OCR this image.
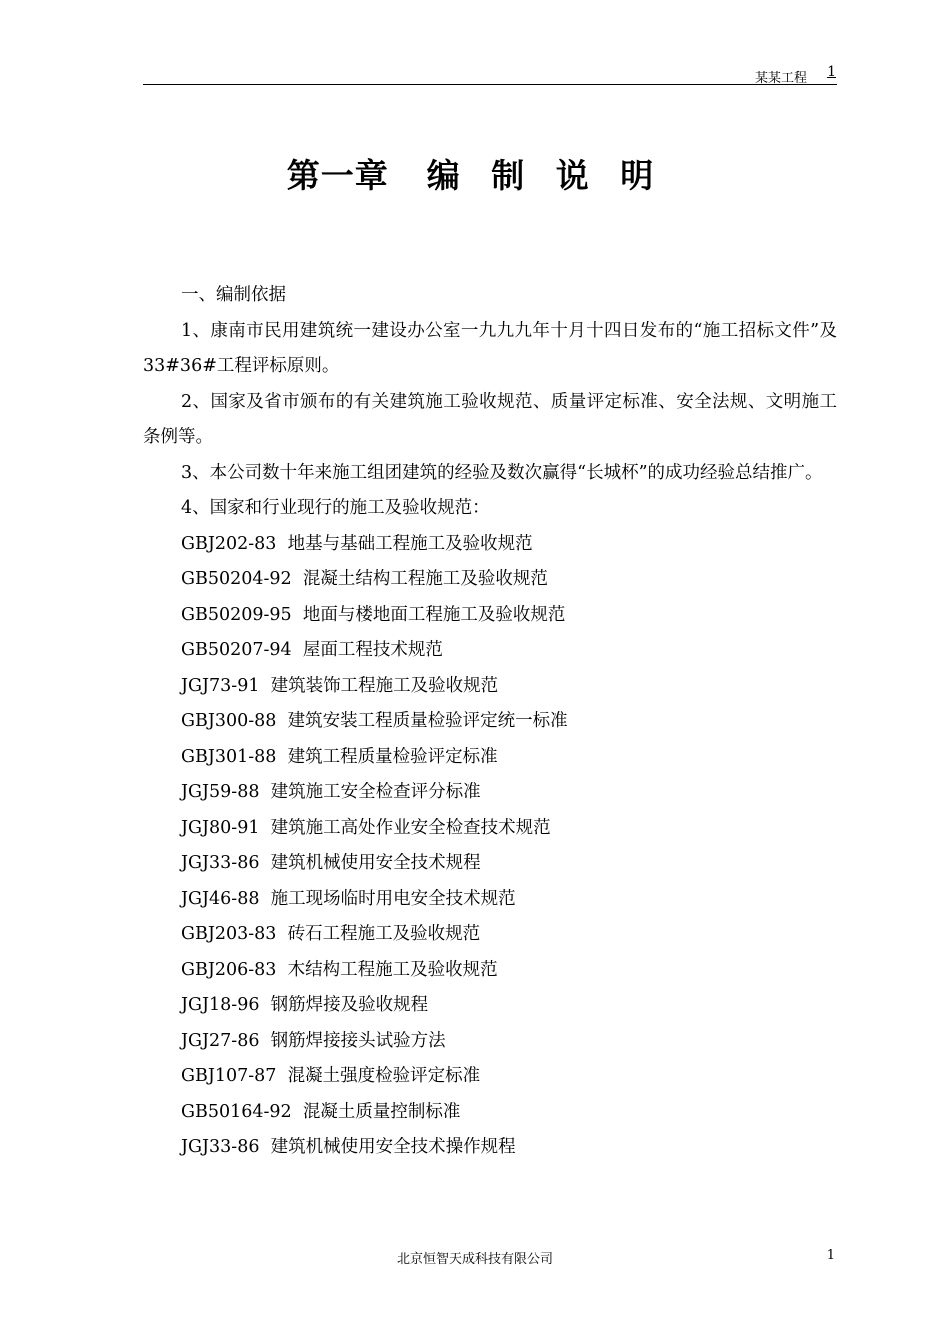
某某工程 1
第一章 编 制 说 明
一、编制依据
1、康南市民用建筑统一建设办公室一九九九年十月十四日发布的“施工招标文件”及33#36#工程评标原则。
2、国家及省市颁布的有关建筑施工验收规范、质量评定标准、安全法规、文明施工条例等。
3、本公司数十年来施工组团建筑的经验及数次赢得“长城杯”的成功经验总结推广。
4、国家和行业现行的施工及验收规范：
GBJ202-83 地基与基础工程施工及验收规范
GB50204-92 混凝土结构工程施工及验收规范
GB50209-95 地面与楼地面工程施工及验收规范
GB50207-94 屋面工程技术规范
JGJ73-91 建筑装饰工程施工及验收规范
GBJ300-88 建筑安装工程质量检验评定统一标准
GBJ301-88 建筑工程质量检验评定标准
JGJ59-88 建筑施工安全检查评分标准
JGJ80-91 建筑施工高处作业安全检查技术规范
JGJ33-86 建筑机械使用安全技术规程
JGJ46-88 施工现场临时用电安全技术规范
GBJ203-83 砖石工程施工及验收规范
GBJ206-83 木结构工程施工及验收规范
JGJ18-96 钢筋焊接及验收规程
JGJ27-86 钢筋焊接接头试验方法
GBJ107-87 混凝土强度检验评定标准
GB50164-92 混凝土质量控制标准
JGJ33-86 建筑机械使用安全技术操作规程
北京恒智天成科技有限公司	1
